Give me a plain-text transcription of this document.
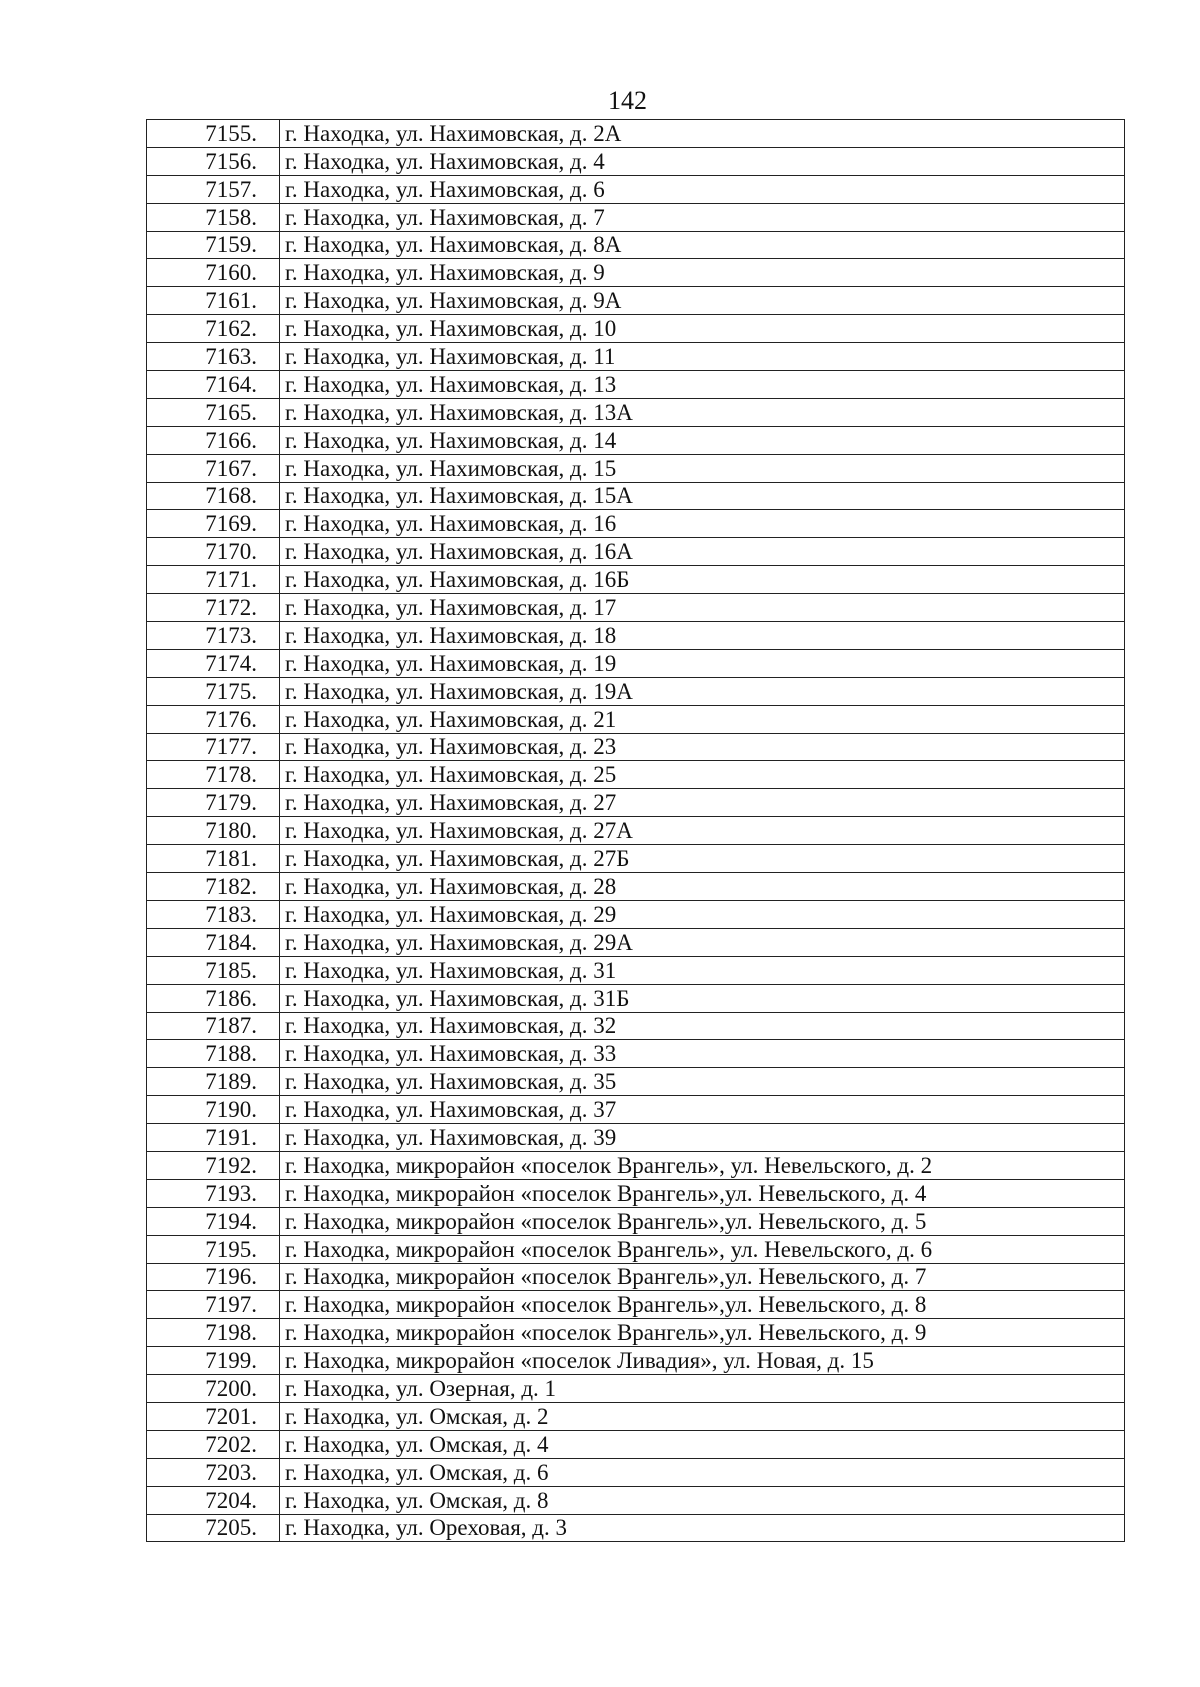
142
7155.	г. Находка, ул. Нахимовская, д. 2А
7156.	г. Находка, ул. Нахимовская, д. 4
7157.	г. Находка, ул. Нахимовская, д. 6
7158.	г. Находка, ул. Нахимовская, д. 7
7159.	г. Находка, ул. Нахимовская, д. 8А
7160.	г. Находка, ул. Нахимовская, д. 9
7161.	г. Находка, ул. Нахимовская, д. 9А
7162.	г. Находка, ул. Нахимовская, д. 10
7163.	г. Находка, ул. Нахимовская, д. 11
7164.	г. Находка, ул. Нахимовская, д. 13
7165.	г. Находка, ул. Нахимовская, д. 13А
7166.	г. Находка, ул. Нахимовская, д. 14
7167.	г. Находка, ул. Нахимовская, д. 15
7168.	г. Находка, ул. Нахимовская, д. 15А
7169.	г. Находка, ул. Нахимовская, д. 16
7170.	г. Находка, ул. Нахимовская, д. 16А
7171.	г. Находка, ул. Нахимовская, д. 16Б
7172.	г. Находка, ул. Нахимовская, д. 17
7173.	г. Находка, ул. Нахимовская, д. 18
7174.	г. Находка, ул. Нахимовская, д. 19
7175.	г. Находка, ул. Нахимовская, д. 19А
7176.	г. Находка, ул. Нахимовская, д. 21
7177.	г. Находка, ул. Нахимовская, д. 23
7178.	г. Находка, ул. Нахимовская, д. 25
7179.	г. Находка, ул. Нахимовская, д. 27
7180.	г. Находка, ул. Нахимовская, д. 27А
7181.	г. Находка, ул. Нахимовская, д. 27Б
7182.	г. Находка, ул. Нахимовская, д. 28
7183.	г. Находка, ул. Нахимовская, д. 29
7184.	г. Находка, ул. Нахимовская, д. 29А
7185.	г. Находка, ул. Нахимовская, д. 31
7186.	г. Находка, ул. Нахимовская, д. 31Б
7187.	г. Находка, ул. Нахимовская, д. 32
7188.	г. Находка, ул. Нахимовская, д. 33
7189.	г. Находка, ул. Нахимовская, д. 35
7190.	г. Находка, ул. Нахимовская, д. 37
7191.	г. Находка, ул. Нахимовская, д. 39
7192.	г. Находка, микрорайон «поселок Врангель», ул. Невельского, д. 2
7193.	г. Находка, микрорайон «поселок Врангель»,ул. Невельского, д. 4
7194.	г. Находка, микрорайон «поселок Врангель»,ул. Невельского, д. 5
7195.	г. Находка, микрорайон «поселок Врангель», ул. Невельского, д. 6
7196.	г. Находка, микрорайон «поселок Врангель»,ул. Невельского, д. 7
7197.	г. Находка, микрорайон «поселок Врангель»,ул. Невельского, д. 8
7198.	г. Находка, микрорайон «поселок Врангель»,ул. Невельского, д. 9
7199.	г. Находка, микрорайон «поселок Ливадия», ул. Новая, д. 15
7200.	г. Находка, ул. Озерная, д. 1
7201.	г. Находка, ул. Омская, д. 2
7202.	г. Находка, ул. Омская, д. 4
7203.	г. Находка, ул. Омская, д. 6
7204.	г. Находка, ул. Омская, д. 8
7205.	г. Находка, ул. Ореховая, д. 3
